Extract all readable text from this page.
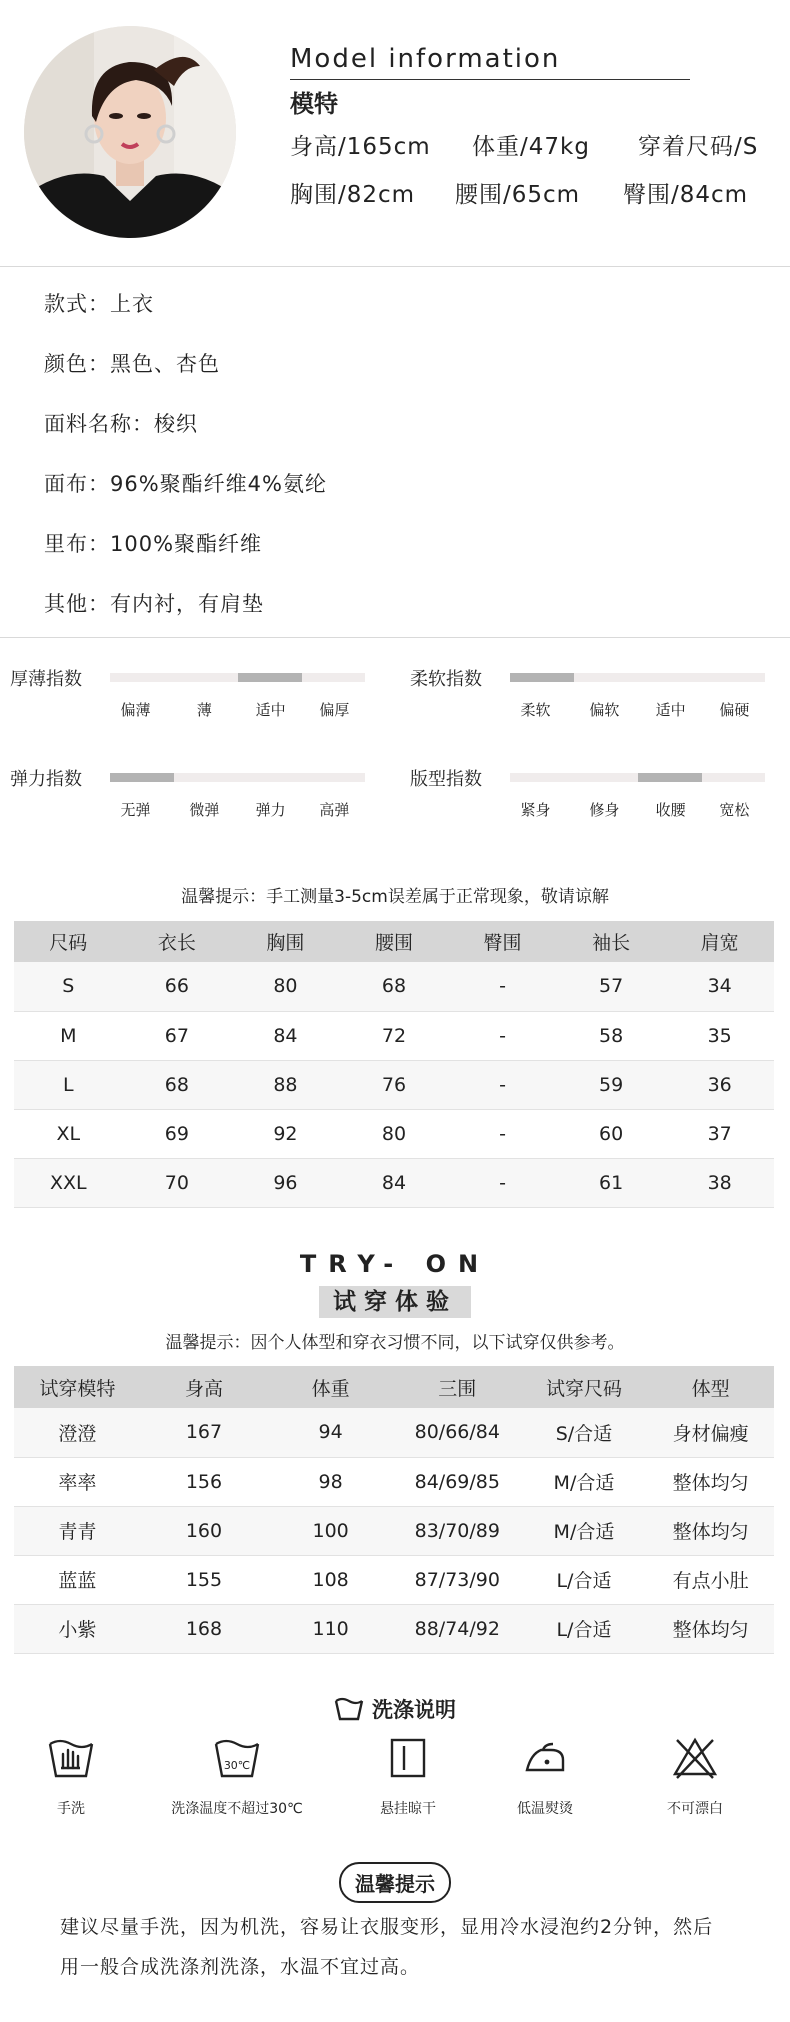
Model information
模特
身高/165cm 体重/47kg 穿着尺码/S
胸围/82cm 腰围/65cm 臀围/84cm
款式：上衣
颜色：黑色、杏色
面料名称：梭织
面布：96%聚酯纤维4%氨纶
里布：100%聚酯纤维
其他：有内衬，有肩垫
厚薄指数
偏薄	薄	适中 偏厚
柔软指数
柔软	偏软 适中 偏硬
弹力指数
无弹	微弹 弹力 高弹
版型指数
紧身	修身 收腰 宽松
温馨提示：手工测量3-5cm误差属于正常现象，敬请谅解
尺码	衣长	胸围	腰围	臀围	袖长	肩宽
S	66	80	68	-	57	34
M	67	84	72	-	58	35
L	68	88	76	-	59	36
XL	69	92	80	-	60	37
XXL	70	96	84	-	61	38
TRY- ON
试穿体验
温馨提示：因个人体型和穿衣习惯不同，以下试穿仅供参考。
试穿模特	身高	体重	三围	试穿尺码	体型
澄澄	167	94	80/66/84	S/合适	身材偏瘦
率率	156	98	84/69/85	M/合适	整体均匀
青青	160	100	83/70/89	M/合适	整体均匀
蓝蓝	155	108	87/73/90	L/合适	有点小肚
小紫	168	110	88/74/92	L/合适	整体均匀
洗涤说明
手洗
30℃
洗涤温度不超过30℃	悬挂晾干	低温熨烫	不可漂白
温馨提示
建议尽量手洗，因为机洗，容易让衣服变形，显用冷水浸泡约2分钟，然后
用一般合成洗涤剂洗涤，水温不宜过高。
